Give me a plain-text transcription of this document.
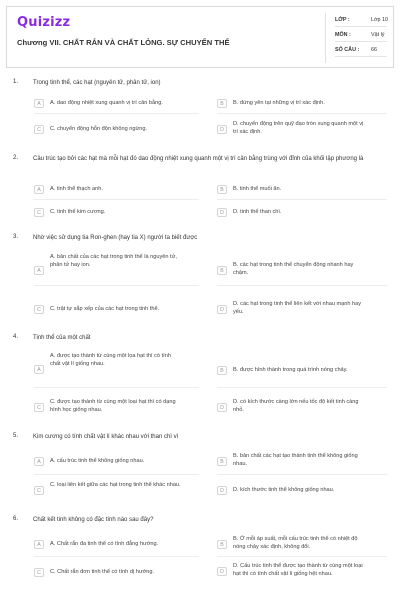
Quizizz
Chương VII. CHẤT RẮN VÀ CHẤT LỎNG. SỰ CHUYỂN THỂ
LỚP :	Lớp 10
MÔN :	Vật lý
SỐ CÂU : 66
1. Trong tinh thể, các hạt (nguyên tử, phân tử, ion)
A	A. dao động nhiệt xung quanh vị trí cân bằng.	B	B. đứng yên tại những vị trí xác định.
C	C. chuyển động hỗn độn không ngừng.	D
D. chuyển động trên quỹ đạo tròn xung quanh một vị trí xác định.
2. Câu trúc tạo bởi các hạt mà mỗi hạt đó dao động nhiệt xung quanh một vị trí cân bằng trùng với đỉnh của khối lập phương là
A	A. tinh thể thạch anh.	B	B. tinh thể muối ăn.
C	C. tinh thể kim cương.	D	D. tinh thể than chì.
3. Nhờ việc sử dụng tia Ron-ghen (hay tia X) người ta biết được
A
A. bản chất của các hạt trong tinh thể là nguyên tử, phân tử hay ion.
B
B. các hạt trong tinh thể chuyển động nhanh hay chậm.
C	C. trật tự sắp xếp của các hạt trong tinh thể.	D
D. các hạt trong tinh thể liên kết với nhau mạnh hay yếu.
4. Tinh thể của một chất
A
A. được tạo thành từ cùng một lọa hạt thì có tính chất vật lí giống nhau.
B	B. được hình thành trong quá trình nóng chảy.
C
C. được tạo thành từ cùng một loại hạt thì có dạng hình học giống nhau.	D
D. có kích thước càng lớn nếu tốc độ kết tinh càng nhỏ.
5. Kim cương có tính chất vật lí khác nhau với than chì vì
A	A. cấu trúc tinh thể không giống nhau.	B
B. bản chất các hạt tạo thành tinh thể không giống nhau.
C
C. loại liên kết giữa các hạt trong tinh thể khác nhau.
D	D. kích thước tinh thể không giống nhau.
6. Chất kết tinh không có đặc tính nào sau đây?
A	A. Chất rắn đa tinh thể có tính đẳng hướng.	B
B. Ở mỗi áp suất, mỗi cấu trúc tinh thể có nhiệt độ nóng chảy xác định, không đổi.
C	C. Chất rắn đơn tinh thể có tính dị hướng.	D
D. Cấu trúc tinh thể được tạo thành từ cùng một loại hạt thì có tính chất vật lí giống hệt nhau.
